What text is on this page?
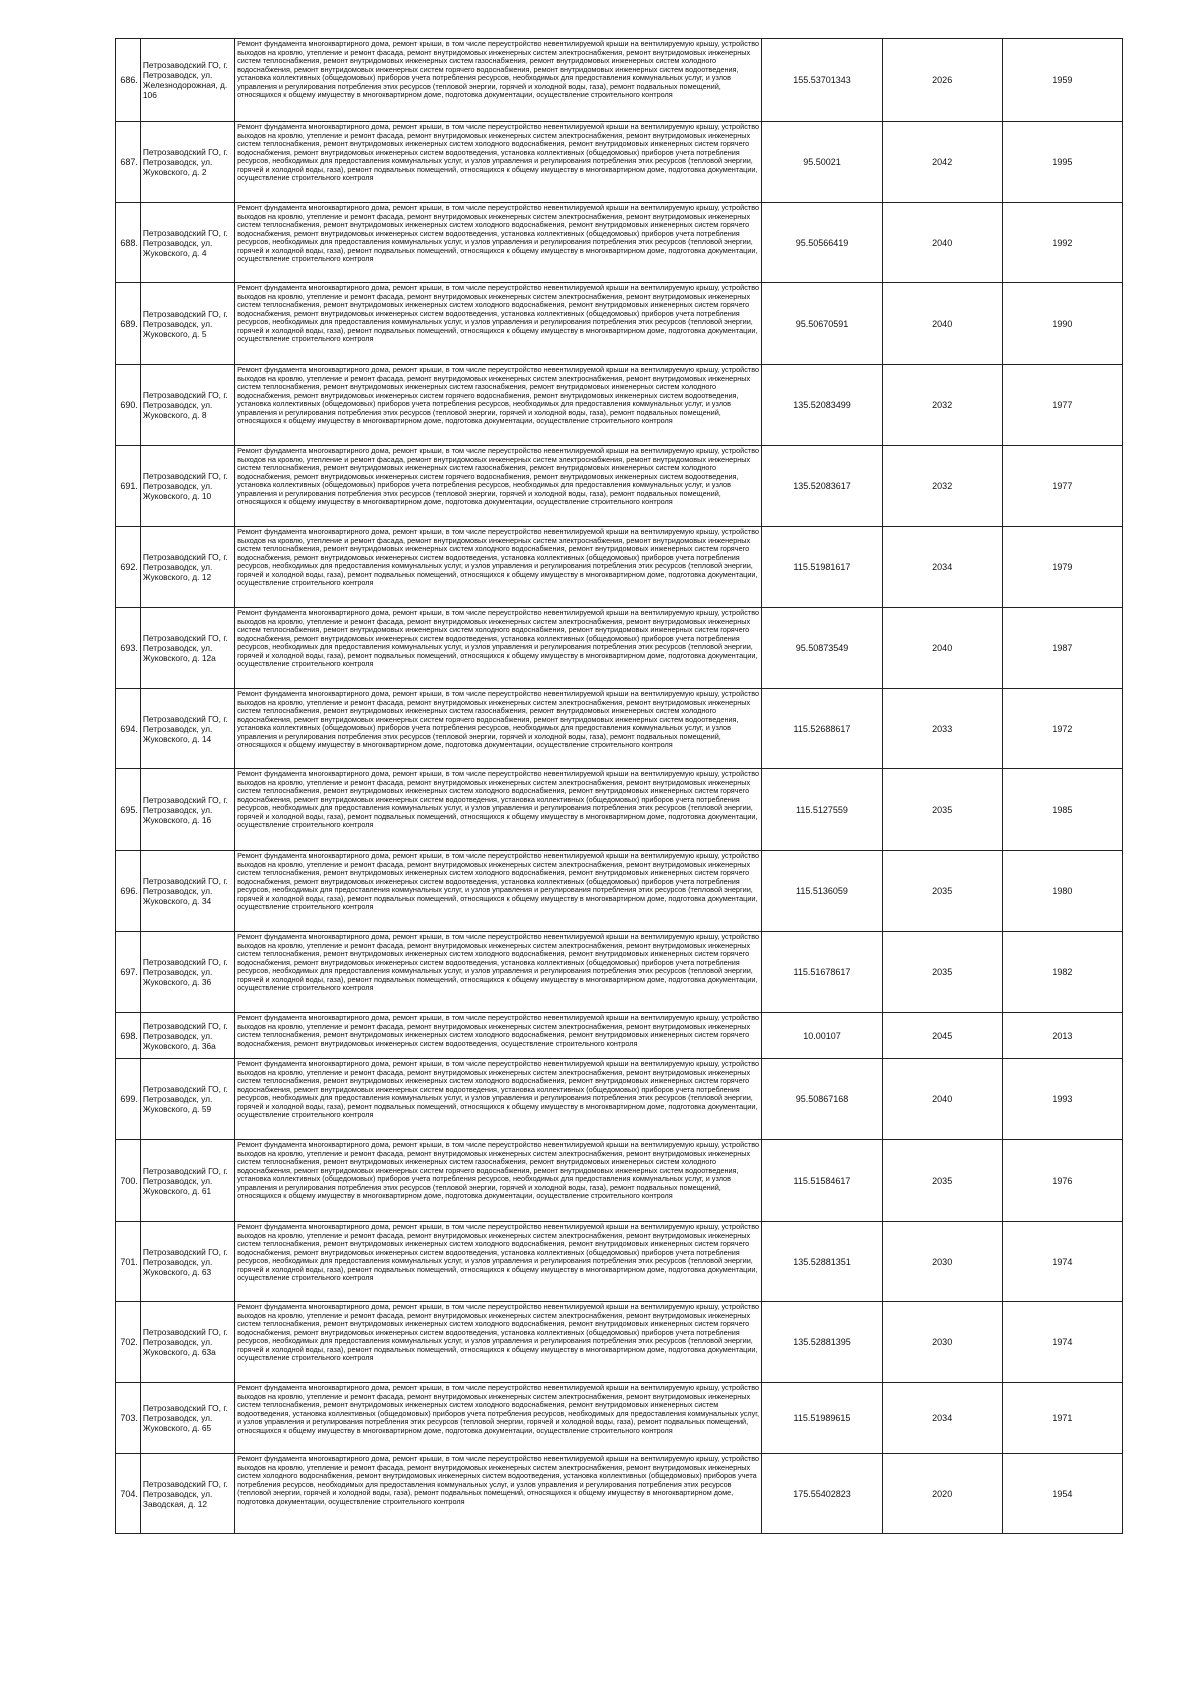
686.	Петрозаводский ГО, г. Петрозаводск, ул. Железнодорожная, д. 106	Ремонт фундамента многоквартирного дома, ремонт крыши, в том числе переустройство невентилируемой крыши на вентилируемую крышу, устройство выходов на кровлю, утепление и ремонт фасада, ремонт внутридомовых инженерных систем электроснабжения, ремонт внутридомовых инженерных систем теплоснабжения, ремонт внутридомовых инженерных систем газоснабжения, ремонт внутридомовых инженерных систем холодного водоснабжения, ремонт внутридомовых инженерных систем горячего водоснабжения, ремонт внутридомовых инженерных систем водоотведения, установка коллективных (общедомовых) приборов учета потребления ресурсов, необходимых для предоставления коммунальных услуг, и узлов управления и регулирования потребления этих ресурсов (тепловой энергии, горячей и холодной воды, газа), ремонт подвальных помещений, относящихся к общему имуществу в многоквартирном доме, подготовка документации, осуществление строительного контроля	155.53701343	2026	1959
687.	Петрозаводский ГО, г. Петрозаводск, ул. Жуковского, д. 2	Ремонт фундамента многоквартирного дома, ремонт крыши, в том числе переустройство невентилируемой крыши на вентилируемую крышу, устройство выходов на кровлю, утепление и ремонт фасада, ремонт внутридомовых инженерных систем электроснабжения, ремонт внутридомовых инженерных систем теплоснабжения, ремонт внутридомовых инженерных систем холодного водоснабжения, ремонт внутридомовых инженерных систем горячего водоснабжения, ремонт внутридомовых инженерных систем водоотведения, установка коллективных (общедомовых) приборов учета потребления ресурсов, необходимых для предоставления коммунальных услуг, и узлов управления и регулирования потребления этих ресурсов (тепловой энергии, горячей и холодной воды, газа), ремонт подвальных помещений, относящихся к общему имуществу в многоквартирном доме, подготовка документации, осуществление строительного контроля	95.50021	2042	1995
688.	Петрозаводский ГО, г. Петрозаводск, ул. Жуковского, д. 4	Ремонт фундамента многоквартирного дома, ремонт крыши, в том числе переустройство невентилируемой крыши на вентилируемую крышу, устройство выходов на кровлю, утепление и ремонт фасада, ремонт внутридомовых инженерных систем электроснабжения, ремонт внутридомовых инженерных систем теплоснабжения, ремонт внутридомовых инженерных систем холодного водоснабжения, ремонт внутридомовых инженерных систем горячего водоснабжения, ремонт внутридомовых инженерных систем водоотведения, установка коллективных (общедомовых) приборов учета потребления ресурсов, необходимых для предоставления коммунальных услуг, и узлов управления и регулирования потребления этих ресурсов (тепловой энергии, горячей и холодной воды, газа), ремонт подвальных помещений, относящихся к общему имуществу в многоквартирном доме, подготовка документации, осуществление строительного контроля	95.50566419	2040	1992
689.	Петрозаводский ГО, г. Петрозаводск, ул. Жуковского, д. 5	Ремонт фундамента многоквартирного дома, ремонт крыши, в том числе переустройство невентилируемой крыши на вентилируемую крышу, устройство выходов на кровлю, утепление и ремонт фасада, ремонт внутридомовых инженерных систем электроснабжения, ремонт внутридомовых инженерных систем теплоснабжения, ремонт внутридомовых инженерных систем холодного водоснабжения, ремонт внутридомовых инженерных систем горячего водоснабжения, ремонт внутридомовых инженерных систем водоотведения, установка коллективных (общедомовых) приборов учета потребления ресурсов, необходимых для предоставления коммунальных услуг, и узлов управления и регулирования потребления этих ресурсов (тепловой энергии, горячей и холодной воды, газа), ремонт подвальных помещений, относящихся к общему имуществу в многоквартирном доме, подготовка документации, осуществление строительного контроля	95.50670591	2040	1990
690.	Петрозаводский ГО, г. Петрозаводск, ул. Жуковского, д. 8	Ремонт фундамента многоквартирного дома, ремонт крыши, в том числе переустройство невентилируемой крыши на вентилируемую крышу, устройство выходов на кровлю, утепление и ремонт фасада, ремонт внутридомовых инженерных систем электроснабжения, ремонт внутридомовых инженерных систем теплоснабжения, ремонт внутридомовых инженерных систем газоснабжения, ремонт внутридомовых инженерных систем холодного водоснабжения, ремонт внутридомовых инженерных систем горячего водоснабжения, ремонт внутридомовых инженерных систем водоотведения, установка коллективных (общедомовых) приборов учета потребления ресурсов, необходимых для предоставления коммунальных услуг, и узлов управления и регулирования потребления этих ресурсов (тепловой энергии, горячей и холодной воды, газа), ремонт подвальных помещений, относящихся к общему имуществу в многоквартирном доме, подготовка документации, осуществление строительного контроля	135.52083499	2032	1977
691.	Петрозаводский ГО, г. Петрозаводск, ул. Жуковского, д. 10	Ремонт фундамента многоквартирного дома, ремонт крыши, в том числе переустройство невентилируемой крыши на вентилируемую крышу, устройство выходов на кровлю, утепление и ремонт фасада, ремонт внутридомовых инженерных систем электроснабжения, ремонт внутридомовых инженерных систем теплоснабжения, ремонт внутридомовых инженерных систем газоснабжения, ремонт внутридомовых инженерных систем холодного водоснабжения, ремонт внутридомовых инженерных систем горячего водоснабжения, ремонт внутридомовых инженерных систем водоотведения, установка коллективных (общедомовых) приборов учета потребления ресурсов, необходимых для предоставления коммунальных услуг, и узлов управления и регулирования потребления этих ресурсов (тепловой энергии, горячей и холодной воды, газа), ремонт подвальных помещений, относящихся к общему имуществу в многоквартирном доме, подготовка документации, осуществление строительного контроля	135.52083617	2032	1977
692.	Петрозаводский ГО, г. Петрозаводск, ул. Жуковского, д. 12	Ремонт фундамента многоквартирного дома, ремонт крыши, в том числе переустройство невентилируемой крыши на вентилируемую крышу, устройство выходов на кровлю, утепление и ремонт фасада, ремонт внутридомовых инженерных систем электроснабжения, ремонт внутридомовых инженерных систем теплоснабжения, ремонт внутридомовых инженерных систем холодного водоснабжения, ремонт внутридомовых инженерных систем горячего водоснабжения, ремонт внутридомовых инженерных систем водоотведения, установка коллективных (общедомовых) приборов учета потребления ресурсов, необходимых для предоставления коммунальных услуг, и узлов управления и регулирования потребления этих ресурсов (тепловой энергии, горячей и холодной воды, газа), ремонт подвальных помещений, относящихся к общему имуществу в многоквартирном доме, подготовка документации, осуществление строительного контроля	115.51981617	2034	1979
693.	Петрозаводский ГО, г. Петрозаводск, ул. Жуковского, д. 12а	Ремонт фундамента многоквартирного дома, ремонт крыши, в том числе переустройство невентилируемой крыши на вентилируемую крышу, устройство выходов на кровлю, утепление и ремонт фасада, ремонт внутридомовых инженерных систем электроснабжения, ремонт внутридомовых инженерных систем теплоснабжения, ремонт внутридомовых инженерных систем холодного водоснабжения, ремонт внутридомовых инженерных систем горячего водоснабжения, ремонт внутридомовых инженерных систем водоотведения, установка коллективных (общедомовых) приборов учета потребления ресурсов, необходимых для предоставления коммунальных услуг, и узлов управления и регулирования потребления этих ресурсов (тепловой энергии, горячей и холодной воды, газа), ремонт подвальных помещений, относящихся к общему имуществу в многоквартирном доме, подготовка документации, осуществление строительного контроля	95.50873549	2040	1987
694.	Петрозаводский ГО, г. Петрозаводск, ул. Жуковского, д. 14	Ремонт фундамента многоквартирного дома, ремонт крыши, в том числе переустройство невентилируемой крыши на вентилируемую крышу, устройство выходов на кровлю, утепление и ремонт фасада, ремонт внутридомовых инженерных систем электроснабжения, ремонт внутридомовых инженерных систем теплоснабжения, ремонт внутридомовых инженерных систем газоснабжения, ремонт внутридомовых инженерных систем холодного водоснабжения, ремонт внутридомовых инженерных систем горячего водоснабжения, ремонт внутридомовых инженерных систем водоотведения, установка коллективных (общедомовых) приборов учета потребления ресурсов, необходимых для предоставления коммунальных услуг, и узлов управления и регулирования потребления этих ресурсов (тепловой энергии, горячей и холодной воды, газа), ремонт подвальных помещений, относящихся к общему имуществу в многоквартирном доме, подготовка документации, осуществление строительного контроля	115.52688617	2033	1972
695.	Петрозаводский ГО, г. Петрозаводск, ул. Жуковского, д. 16	Ремонт фундамента многоквартирного дома, ремонт крыши, в том числе переустройство невентилируемой крыши на вентилируемую крышу, устройство выходов на кровлю, утепление и ремонт фасада, ремонт внутридомовых инженерных систем электроснабжения, ремонт внутридомовых инженерных систем теплоснабжения, ремонт внутридомовых инженерных систем холодного водоснабжения, ремонт внутридомовых инженерных систем горячего водоснабжения, ремонт внутридомовых инженерных систем водоотведения, установка коллективных (общедомовых) приборов учета потребления ресурсов, необходимых для предоставления коммунальных услуг, и узлов управления и регулирования потребления этих ресурсов (тепловой энергии, горячей и холодной воды, газа), ремонт подвальных помещений, относящихся к общему имуществу в многоквартирном доме, подготовка документации, осуществление строительного контроля	115.5127559	2035	1985
696.	Петрозаводский ГО, г. Петрозаводск, ул. Жуковского, д. 34	Ремонт фундамента многоквартирного дома, ремонт крыши, в том числе переустройство невентилируемой крыши на вентилируемую крышу, устройство выходов на кровлю, утепление и ремонт фасада, ремонт внутридомовых инженерных систем электроснабжения, ремонт внутридомовых инженерных систем теплоснабжения, ремонт внутридомовых инженерных систем холодного водоснабжения, ремонт внутридомовых инженерных систем горячего водоснабжения, ремонт внутридомовых инженерных систем водоотведения, установка коллективных (общедомовых) приборов учета потребления ресурсов, необходимых для предоставления коммунальных услуг, и узлов управления и регулирования потребления этих ресурсов (тепловой энергии, горячей и холодной воды, газа), ремонт подвальных помещений, относящихся к общему имуществу в многоквартирном доме, подготовка документации, осуществление строительного контроля	115.5136059	2035	1980
697.	Петрозаводский ГО, г. Петрозаводск, ул. Жуковского, д. 36	Ремонт фундамента многоквартирного дома, ремонт крыши, в том числе переустройство невентилируемой крыши на вентилируемую крышу, устройство выходов на кровлю, утепление и ремонт фасада, ремонт внутридомовых инженерных систем электроснабжения, ремонт внутридомовых инженерных систем теплоснабжения, ремонт внутридомовых инженерных систем холодного водоснабжения, ремонт внутридомовых инженерных систем горячего водоснабжения, ремонт внутридомовых инженерных систем водоотведения, установка коллективных (общедомовых) приборов учета потребления ресурсов, необходимых для предоставления коммунальных услуг, и узлов управления и регулирования потребления этих ресурсов (тепловой энергии, горячей и холодной воды, газа), ремонт подвальных помещений, относящихся к общему имуществу в многоквартирном доме, подготовка документации, осуществление строительного контроля	115.51678617	2035	1982
698.	Петрозаводский ГО, г. Петрозаводск, ул. Жуковского, д. 36а	Ремонт фундамента многоквартирного дома, ремонт крыши, в том числе переустройство невентилируемой крыши на вентилируемую крышу, устройство выходов на кровлю, утепление и ремонт фасада, ремонт внутридомовых инженерных систем электроснабжения, ремонт внутридомовых инженерных систем теплоснабжения, ремонт внутридомовых инженерных систем холодного водоснабжения, ремонт внутридомовых инженерных систем горячего водоснабжения, ремонт внутридомовых инженерных систем водоотведения, осуществление строительного контроля	10.00107	2045	2013
699.	Петрозаводский ГО, г. Петрозаводск, ул. Жуковского, д. 59	Ремонт фундамента многоквартирного дома, ремонт крыши, в том числе переустройство невентилируемой крыши на вентилируемую крышу, устройство выходов на кровлю, утепление и ремонт фасада, ремонт внутридомовых инженерных систем электроснабжения, ремонт внутридомовых инженерных систем теплоснабжения, ремонт внутридомовых инженерных систем холодного водоснабжения, ремонт внутридомовых инженерных систем горячего водоснабжения, ремонт внутридомовых инженерных систем водоотведения, установка коллективных (общедомовых) приборов учета потребления ресурсов, необходимых для предоставления коммунальных услуг, и узлов управления и регулирования потребления этих ресурсов (тепловой энергии, горячей и холодной воды, газа), ремонт подвальных помещений, относящихся к общему имуществу в многоквартирном доме, подготовка документации, осуществление строительного контроля	95.50867168	2040	1993
700.	Петрозаводский ГО, г. Петрозаводск, ул. Жуковского, д. 61	Ремонт фундамента многоквартирного дома, ремонт крыши, в том числе переустройство невентилируемой крыши на вентилируемую крышу, устройство выходов на кровлю, утепление и ремонт фасада, ремонт внутридомовых инженерных систем электроснабжения, ремонт внутридомовых инженерных систем теплоснабжения, ремонт внутридомовых инженерных систем газоснабжения, ремонт внутридомовых инженерных систем холодного водоснабжения, ремонт внутридомовых инженерных систем горячего водоснабжения, ремонт внутридомовых инженерных систем водоотведения, установка коллективных (общедомовых) приборов учета потребления ресурсов, необходимых для предоставления коммунальных услуг, и узлов управления и регулирования потребления этих ресурсов (тепловой энергии, горячей и холодной воды, газа), ремонт подвальных помещений, относящихся к общему имуществу в многоквартирном доме, подготовка документации, осуществление строительного контроля	115.51584617	2035	1976
701.	Петрозаводский ГО, г. Петрозаводск, ул. Жуковского, д. 63	Ремонт фундамента многоквартирного дома, ремонт крыши, в том числе переустройство невентилируемой крыши на вентилируемую крышу, устройство выходов на кровлю, утепление и ремонт фасада, ремонт внутридомовых инженерных систем электроснабжения, ремонт внутридомовых инженерных систем теплоснабжения, ремонт внутридомовых инженерных систем холодного водоснабжения, ремонт внутридомовых инженерных систем горячего водоснабжения, ремонт внутридомовых инженерных систем водоотведения, установка коллективных (общедомовых) приборов учета потребления ресурсов, необходимых для предоставления коммунальных услуг, и узлов управления и регулирования потребления этих ресурсов (тепловой энергии, горячей и холодной воды, газа), ремонт подвальных помещений, относящихся к общему имуществу в многоквартирном доме, подготовка документации, осуществление строительного контроля	135.52881351	2030	1974
702.	Петрозаводский ГО, г. Петрозаводск, ул. Жуковского, д. 63а	Ремонт фундамента многоквартирного дома, ремонт крыши, в том числе переустройство невентилируемой крыши на вентилируемую крышу, устройство выходов на кровлю, утепление и ремонт фасада, ремонт внутридомовых инженерных систем электроснабжения, ремонт внутридомовых инженерных систем теплоснабжения, ремонт внутридомовых инженерных систем холодного водоснабжения, ремонт внутридомовых инженерных систем горячего водоснабжения, ремонт внутридомовых инженерных систем водоотведения, установка коллективных (общедомовых) приборов учета потребления ресурсов, необходимых для предоставления коммунальных услуг, и узлов управления и регулирования потребления этих ресурсов (тепловой энергии, горячей и холодной воды, газа), ремонт подвальных помещений, относящихся к общему имуществу в многоквартирном доме, подготовка документации, осуществление строительного контроля	135.52881395	2030	1974
703.	Петрозаводский ГО, г. Петрозаводск, ул. Жуковского, д. 65	Ремонт фундамента многоквартирного дома, ремонт крыши, в том числе переустройство невентилируемой крыши на вентилируемую крышу, устройство выходов на кровлю, утепление и ремонт фасада, ремонт внутридомовых инженерных систем электроснабжения, ремонт внутридомовых инженерных систем теплоснабжения, ремонт внутридомовых инженерных систем холодного водоснабжения, ремонт внутридомовых инженерных систем водоотведения, установка коллективных (общедомовых) приборов учета потребления ресурсов, необходимых для предоставления коммунальных услуг, и узлов управления и регулирования потребления этих ресурсов (тепловой энергии, горячей и холодной воды, газа), ремонт подвальных помещений, относящихся к общему имуществу в многоквартирном доме, подготовка документации, осуществление строительного контроля	115.51989615	2034	1971
704.	Петрозаводский ГО, г. Петрозаводск, ул. Заводская, д. 12	Ремонт фундамента многоквартирного дома, ремонт крыши, в том числе переустройство невентилируемой крыши на вентилируемую крышу, устройство выходов на кровлю, утепление и ремонт фасада, ремонт внутридомовых инженерных систем электроснабжения, ремонт внутридомовых инженерных систем холодного водоснабжения, ремонт внутридомовых инженерных систем водоотведения, установка коллективных (общедомовых) приборов учета потребления ресурсов, необходимых для предоставления коммунальных услуг, и узлов управления и регулирования потребления этих ресурсов (тепловой энергии, горячей и холодной воды, газа), ремонт подвальных помещений, относящихся к общему имуществу в многоквартирном доме, подготовка документации, осуществление строительного контроля	175.55402823	2020	1954
